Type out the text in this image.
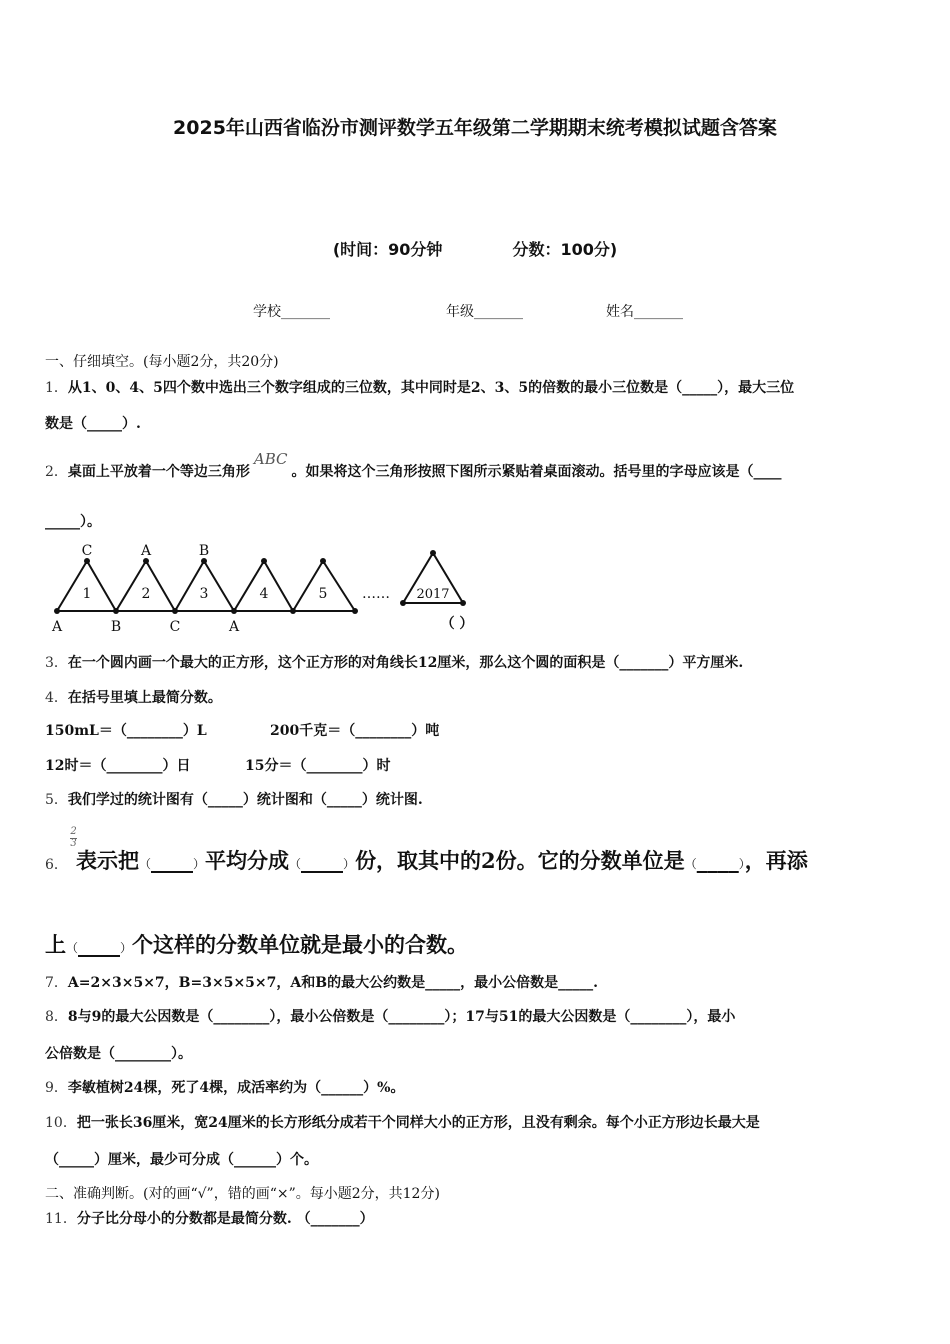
2025年山西省临汾市测评数学五年级第二学期期末统考模拟试题含答案
(时间：90分钟	分数：100分)
学校_______	年级_______	姓名_______
一、仔细填空。(每小题2分，共20分)
1．从1、0、4、5四个数中选出三个数字组成的三位数，其中同时是2、3、5的倍数的最小三位数是（_____），最大三位
数是（_____）.
2．桌面上平放着一个等边三角形ABC。如果将这个三角形按照下图所示紧贴着桌面滚动。括号里的字母应该是（____
_____）。
C	A	B
1	2	3	4	5
A	B	C	A
…… 2017
（ ）
3．在一个圆内画一个最大的正方形，这个正方形的对角线长12厘米，那么这个圆的面积是（_______）平方厘米.
4．在括号里填上最简分数。
150mL＝（________）L	200千克＝（________）吨
12时＝（________）日	15分＝（________）时
5．我们学过的统计图有（_____）统计图和（_____）统计图.
2
3
6． 表示把（____）平均分成（____）份，取其中的2份。它的分数单位是（____），再添
上（____）个这样的分数单位就是最小的合数。
7．A=2×3×5×7，B=3×5×5×7，A和B的最大公约数是_____，最小公倍数是_____.
8．8与9的最大公因数是（________），最小公倍数是（________）；17与51的最大公因数是（________），最小
公倍数是（________）。
9．李敏植树24棵，死了4棵，成活率约为（______）%。
10．把一张长36厘米，宽24厘米的长方形纸分成若干个同样大小的正方形，且没有剩余。每个小正方形边长最大是
（_____）厘米，最少可分成（______）个。
二、准确判断。(对的画“√”，错的画“×”。每小题2分，共12分)
11．分子比分母小的分数都是最简分数. （_______）
